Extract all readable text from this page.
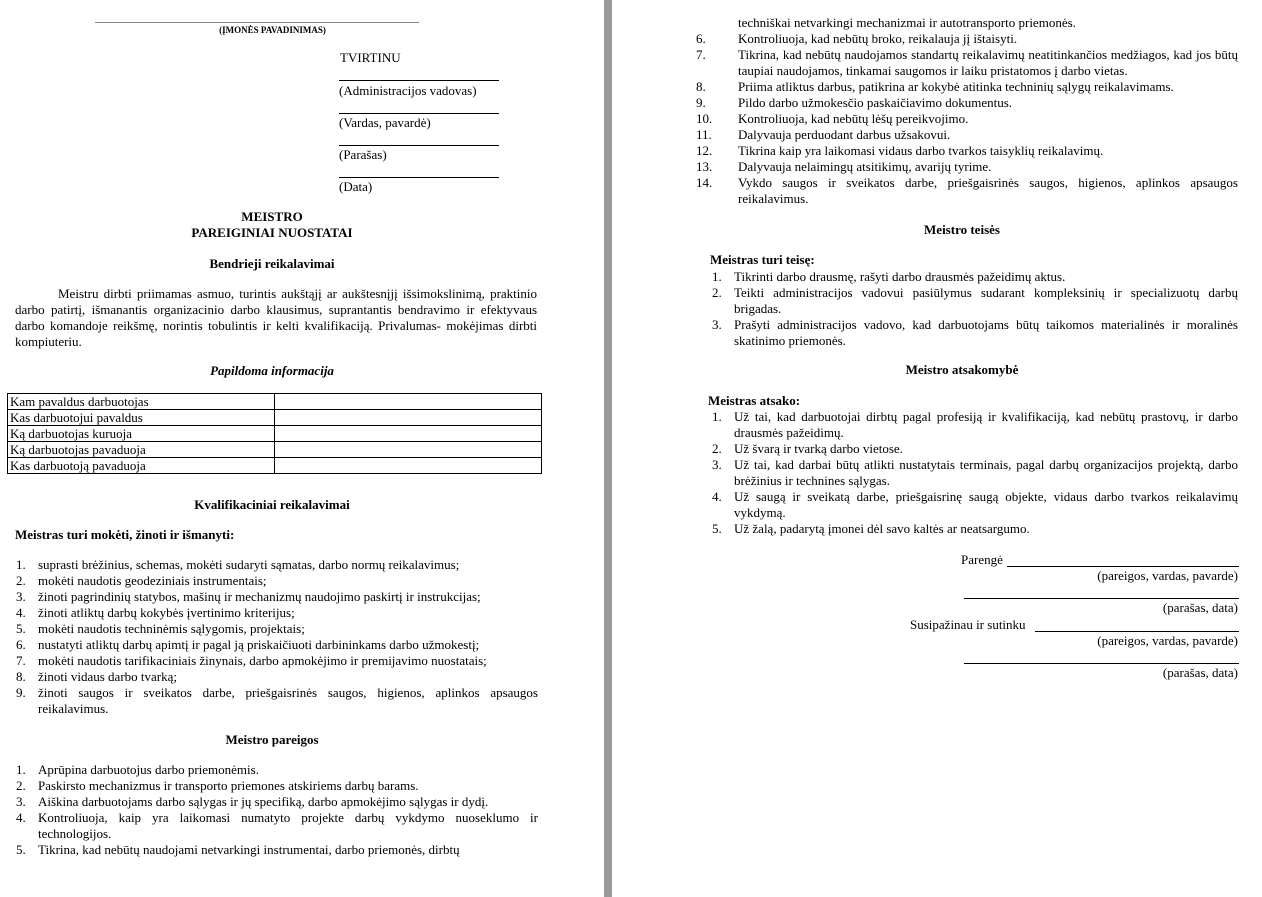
________________________________________________________________________
(ĮMONĖS PAVADINIMAS)
TVIRTINU
(Administracijos vadovas)
(Vardas, pavardė)
(Parašas)
(Data)
MEISTRO
PAREIGINIAI NUOSTATAI
Bendrieji reikalavimai
Meistru dirbti priimamas asmuo, turintis aukštąjį ar aukštesnįjį išsimokslinimą, praktinio darbo patirtį, išmanantis organizacinio darbo klausimus, suprantantis bendravimo ir efektyvaus darbo komandoje reikšmę, norintis tobulintis ir kelti kvalifikaciją. Privalumas- mokėjimas dirbti kompiuteriu.
Papildoma informacija
Kam pavaldus darbuotojas	
Kas darbuotojui pavaldus	
Ką darbuotojas kuruoja	
Ką darbuotojas pavaduoja	
Kas darbuotoją pavaduoja	
Kvalifikaciniai reikalavimai
Meistras turi mokėti, žinoti ir išmanyti:
1. suprasti brėžinius, schemas, mokėti sudaryti sąmatas, darbo normų reikalavimus;
2. mokėti naudotis geodeziniais instrumentais;
3. žinoti pagrindinių statybos, mašinų ir mechanizmų naudojimo paskirtį ir instrukcijas;
4. žinoti atliktų darbų kokybės įvertinimo kriterijus;
5. mokėti naudotis techninėmis sąlygomis, projektais;
6. nustatyti atliktų darbų apimtį ir pagal ją priskaičiuoti darbininkams darbo užmokestį;
7. mokėti naudotis tarifikaciniais žinynais, darbo apmokėjimo ir premijavimo nuostatais;
8. žinoti vidaus darbo tvarką;
9. žinoti saugos ir sveikatos darbe, priešgaisrinės saugos, higienos, aplinkos apsaugos reikalavimus.
Meistro pareigos
1. Aprūpina darbuotojus darbo priemonėmis.
2. Paskirsto mechanizmus ir transporto priemones atskiriems darbų barams.
3. Aiškina darbuotojams darbo sąlygas ir jų specifiką, darbo apmokėjimo sąlygas ir dydį.
4. Kontroliuoja, kaip yra laikomasi numatyto projekte darbų vykdymo nuoseklumo ir technologijos.
5. Tikrina, kad nebūtų naudojami netvarkingi instrumentai, darbo priemonės, dirbtų
techniškai netvarkingi mechanizmai ir autotransporto priemonės.
6.	Kontroliuoja, kad nebūtų broko, reikalauja jį ištaisyti.
7.	Tikrina, kad nebūtų naudojamos standartų reikalavimų neatitinkančios medžiagos, kad jos būtų taupiai naudojamos, tinkamai saugomos ir laiku pristatomos į darbo vietas.
8.	Priima atliktus darbus, patikrina ar kokybė atitinka techninių sąlygų reikalavimams.
9.	Pildo darbo užmokesčio paskaičiavimo dokumentus.
10.	Kontroliuoja, kad nebūtų lėšų pereikvojimo.
11.	Dalyvauja perduodant darbus užsakovui.
12.	Tikrina kaip yra laikomasi vidaus darbo tvarkos taisyklių reikalavimų.
13.	Dalyvauja nelaimingų atsitikimų, avarijų tyrime.
14.	Vykdo saugos ir sveikatos darbe, priešgaisrinės saugos, higienos, aplinkos apsaugos reikalavimus.
Meistro teisės
Meistras turi teisę:
1. Tikrinti darbo drausmę, rašyti darbo drausmės pažeidimų aktus.
2. Teikti administracijos vadovui pasiūlymus sudarant kompleksinių ir specializuotų darbų brigadas.
3. Prašyti administracijos vadovo, kad darbuotojams būtų taikomos materialinės ir moralinės skatinimo priemonės.
Meistro atsakomybė
Meistras atsako:
1. Už tai, kad darbuotojai dirbtų pagal profesiją ir kvalifikaciją, kad nebūtų prastovų, ir darbo drausmės pažeidimų.
2. Už švarą ir tvarką darbo vietose.
3. Už tai, kad darbai būtų atlikti nustatytais terminais, pagal darbų organizacijos projektą, darbo brėžinius ir technines sąlygas.
4. Už saugą ir sveikatą darbe, priešgaisrinę saugą objekte, vidaus darbo tvarkos reikalavimų vykdymą.
5. Už žalą, padarytą įmonei dėl savo kaltės ar neatsargumo.
Parengė
(pareigos, vardas, pavarde)
(parašas, data)
Susipažinau ir sutinku
(pareigos, vardas, pavarde)
(parašas, data)
